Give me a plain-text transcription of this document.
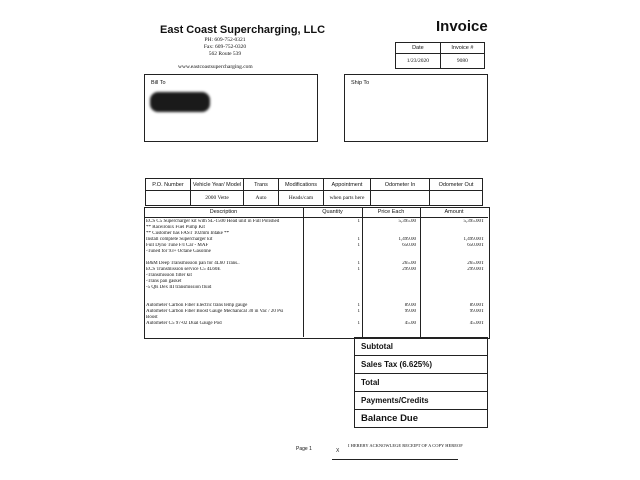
East Coast Supercharging, LLC
PH: 609-752-0321
Fax: 609-752-0320
562 Route 539
www.eastcoastsupercharging.com
Invoice
Date	Invoice #
1/23/2020	9080
Bill To	Ship To
P.O. Number	Vehicle Year/ Model	Trans	Modifications	Appointment	Odometer In	Odometer Out
	2000 Vette	Auto	Heads/cam	when parts here		
Description	Quantity	Price Each	Amount
ECS C5 Supercharger kit with SL-1500 Head unit in Full Polished	1	5,395.00	5,395.00T
** Raceironix Fuel Pump Kit
** Customer has FAST 102mm Intake **
Install complete Supercharger kit	1	1,499.00	1,499.00T
Full Dyno Tune F/I Car - MAF	1	650.00	650.00T
-Tuned for 93+ Octane Gasoline
B&M Deep Transmission pan for 4L60 Trans..	1	265.00	265.00T
ECS Transmission service C5 4L60E	1	299.00	299.00T
-Transmission filter kit
-Trans pan gasket
-5 Qts Dex III transmission fluid
Autometer Carbon Fiber Electric trans temp gauge	1	89.00	89.00T
Autometer Carbon Fiber Boost Gauge Mechanical 30 in Vac / 20 Psi	1	99.00	99.00T
Boost
Autometer C5 97-02 Dual Gauge Pod	1	45.00	45.00T
Subtotal
Sales Tax (6.625%)
Total
Payments/Credits
Balance Due
Page 1	X
I HEREBY ACKNOWLEGE RECEIPT OF A COPY HEREOF
